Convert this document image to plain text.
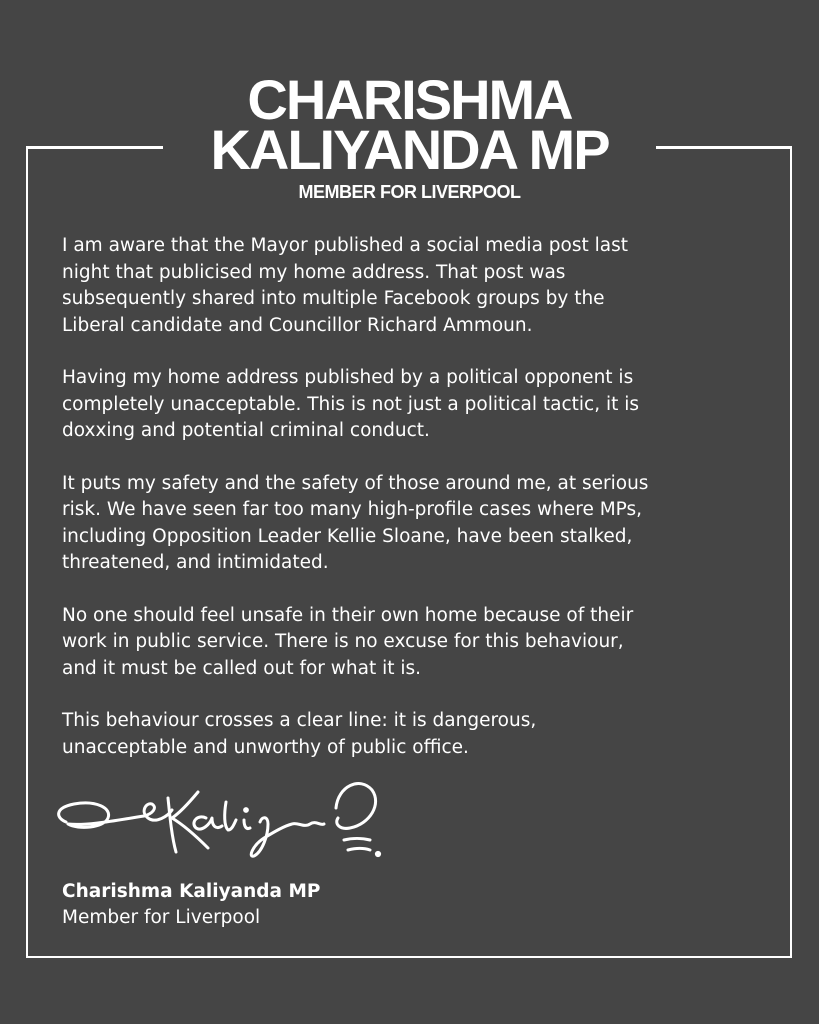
CHARISHMA
KALIYANDA MP
MEMBER FOR LIVERPOOL

I am aware that the Mayor published a social media post last
night that publicised my home address. That post was
subsequently shared into multiple Facebook groups by the
Liberal candidate and Councillor Richard Ammoun.

Having my home address published by a political opponent is
completely unacceptable. This is not just a political tactic, it is
doxxing and potential criminal conduct.

It puts my safety and the safety of those around me, at serious
risk. We have seen far too many high-profile cases where MPs,
including Opposition Leader Kellie Sloane, have been stalked,
threatened, and intimidated.

No one should feel unsafe in their own home because of their
work in public service. There is no excuse for this behaviour,
and it must be called out for what it is.

This behaviour crosses a clear line: it is dangerous,
unacceptable and unworthy of public office.

Charishma Kaliyanda MP
Member for Liverpool
